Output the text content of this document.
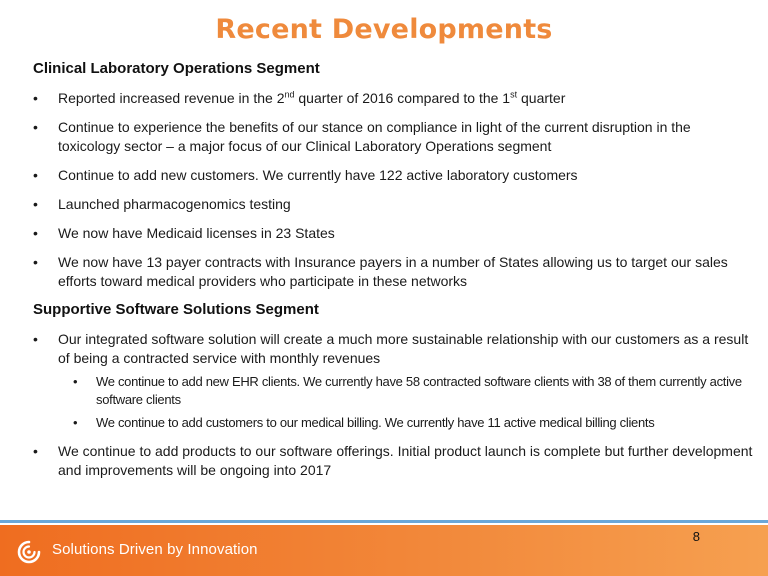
Recent Developments
Clinical Laboratory Operations Segment
• Reported increased revenue in the 2nd quarter of 2016 compared to the 1st quarter
• Continue to experience the benefits of our stance on compliance in light of the current disruption in the toxicology sector – a major focus of our Clinical Laboratory Operations segment
• Continue to add new customers. We currently have 122 active laboratory customers
• Launched pharmacogenomics testing
• We now have Medicaid licenses in 23 States
• We now have 13 payer contracts with Insurance payers in a number of States allowing us to target our sales efforts toward medical providers who participate in these networks
Supportive Software Solutions Segment
• Our integrated software solution will create a much more sustainable relationship with our customers as a result of being a contracted service with monthly revenues
• We continue to add new EHR clients. We currently have 58 contracted software clients with 38 of them currently active software clients
• We continue to add customers to our medical billing. We currently have 11 active medical billing clients
• We continue to add products to our software offerings. Initial product launch is complete but further development and improvements will be ongoing into 2017
Solutions Driven by Innovation
8
